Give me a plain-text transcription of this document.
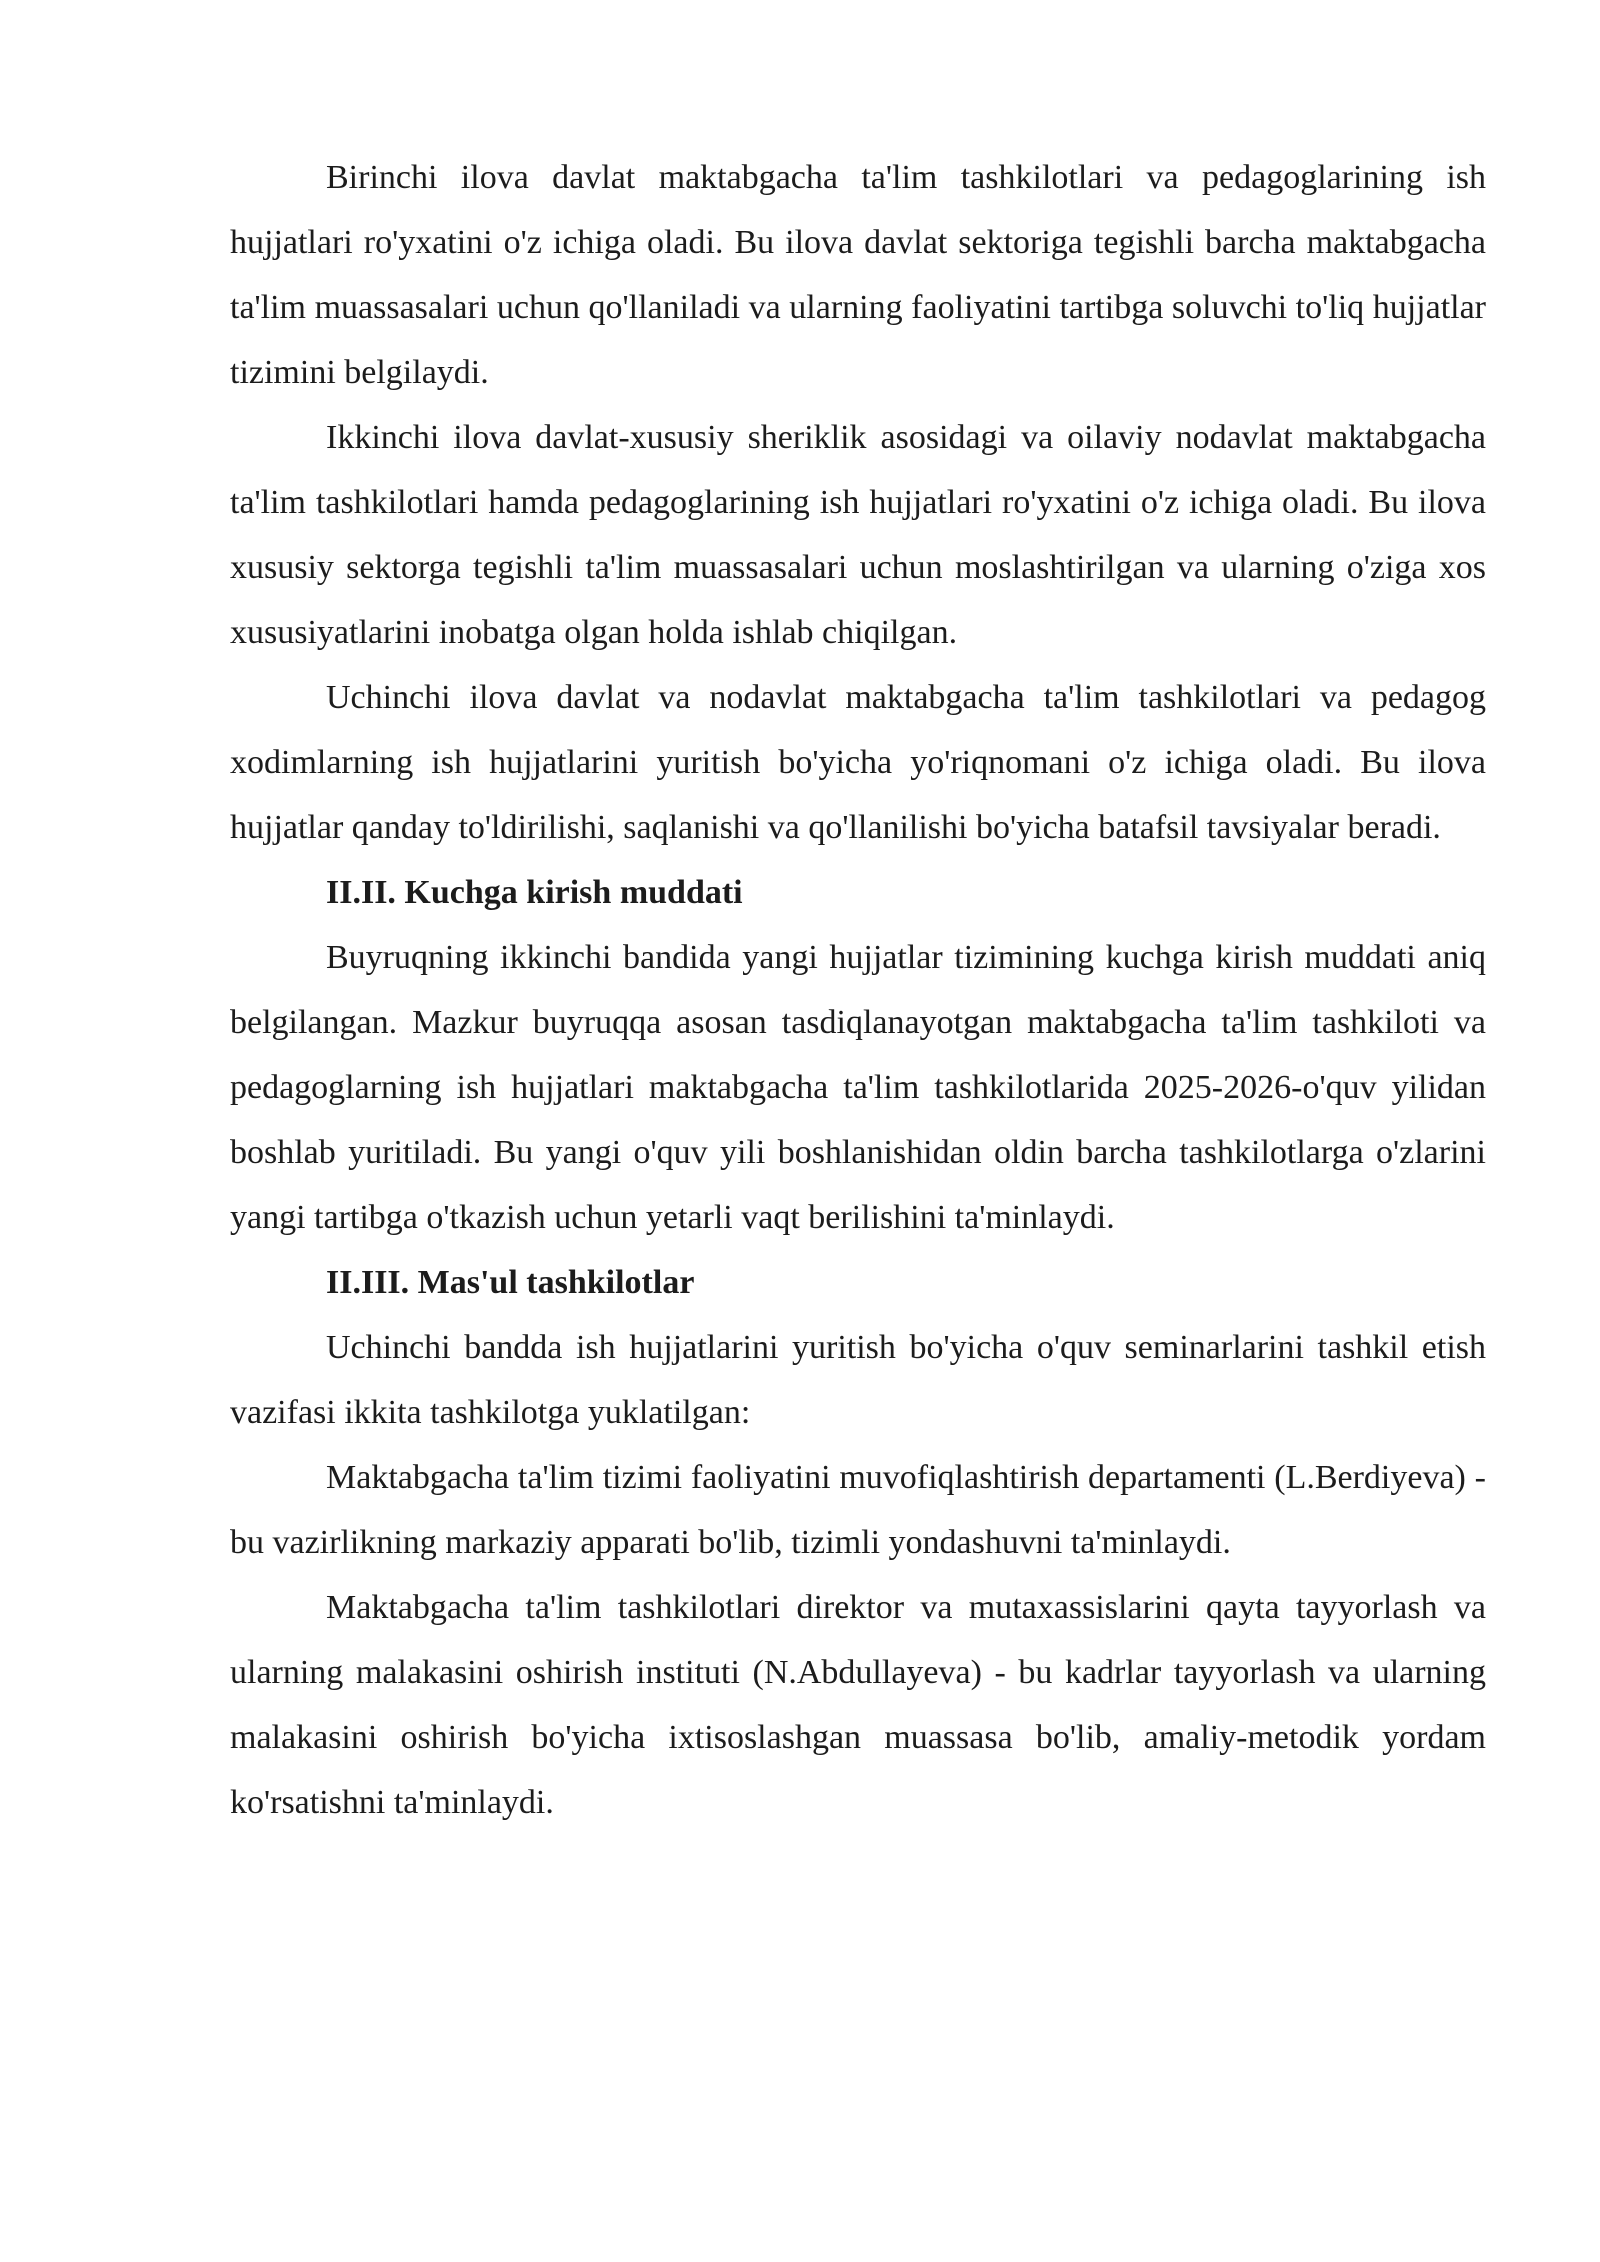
Birinchi ilova davlat maktabgacha ta'lim tashkilotlari va pedagoglarining ish hujjatlari ro'yxatini o'z ichiga oladi. Bu ilova davlat sektoriga tegishli barcha maktabgacha ta'lim muassasalari uchun qo'llaniladi va ularning faoliyatini tartibga soluvchi to'liq hujjatlar tizimini belgilaydi.

Ikkinchi ilova davlat-xususiy sheriklik asosidagi va oilaviy nodavlat maktabgacha ta'lim tashkilotlari hamda pedagoglarining ish hujjatlari ro'yxatini o'z ichiga oladi. Bu ilova xususiy sektorga tegishli ta'lim muassasalari uchun moslashtirilgan va ularning o'ziga xos xususiyatlarini inobatga olgan holda ishlab chiqilgan.

Uchinchi ilova davlat va nodavlat maktabgacha ta'lim tashkilotlari va pedagog xodimlarning ish hujjatlarini yuritish bo'yicha yo'riqnomani o'z ichiga oladi. Bu ilova hujjatlar qanday to'ldirilishi, saqlanishi va qo'llanilishi bo'yicha batafsil tavsiyalar beradi.

II.II. Kuchga kirish muddati

Buyruqning ikkinchi bandida yangi hujjatlar tizimining kuchga kirish muddati aniq belgilangan. Mazkur buyruqqa asosan tasdiqlanayotgan maktabgacha ta'lim tashkiloti va pedagoglarning ish hujjatlari maktabgacha ta'lim tashkilotlarida 2025-2026-o'quv yilidan boshlab yuritiladi. Bu yangi o'quv yili boshlanishidan oldin barcha tashkilotlarga o'zlarini yangi tartibga o'tkazish uchun yetarli vaqt berilishini ta'minlaydi.

II.III. Mas'ul tashkilotlar

Uchinchi bandda ish hujjatlarini yuritish bo'yicha o'quv seminarlarini tashkil etish vazifasi ikkita tashkilotga yuklatilgan:

Maktabgacha ta'lim tizimi faoliyatini muvofiqlashtirish departamenti (L.Berdiyeva) - bu vazirlikning markaziy apparati bo'lib, tizimli yondashuvni ta'minlaydi.

Maktabgacha ta'lim tashkilotlari direktor va mutaxassislarini qayta tayyorlash va ularning malakasini oshirish instituti (N.Abdullayeva) - bu kadrlar tayyorlash va ularning malakasini oshirish bo'yicha ixtisoslashgan muassasa bo'lib, amaliy-metodik yordam ko'rsatishni ta'minlaydi.
